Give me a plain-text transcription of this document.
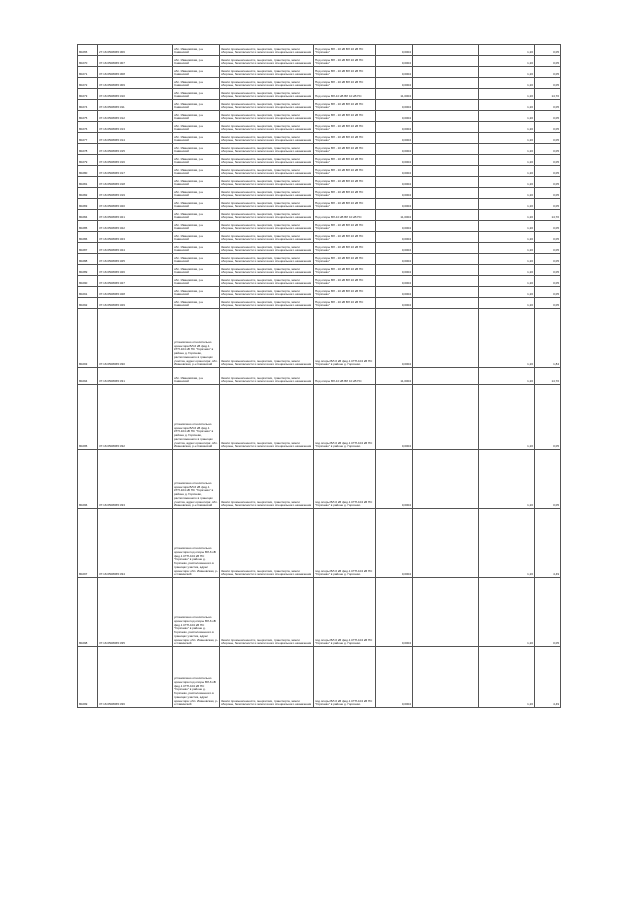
80265	27:16:0508065:306	обл. Ивановская, р-н Савинский	Земли промышленности, энергетики, транспорта, земли обороны, безопасности и земли иного специального назначения	Под опоры ВЛ - 10 кВ ВЛ 10 кВ ПС "Горячево"	0,0004		1,20	0,05
80270	37:16:0508065:307	обл. Ивановская, р-н Савинский	Земли промышленности, энергетики, транспорта, земли обороны, безопасности и земли иного специального назначения	Под опоры ВЛ - 10 кВ ВЛ 10 кВ ПС "Горячево"	0,0004		1,20	0,05
80271	37:16:0508065:308	обл. Ивановская, р-н Савинский	Земли промышленности, энергетики, транспорта, земли обороны, безопасности и земли иного специального назначения	Под опоры ВЛ - 10 кВ ВЛ 10 кВ ПС "Горячево"	0,0004		1,20	0,05
80272	37:16:0508065:309	обл. Ивановская, р-н Савинский	Земли промышленности, энергетики, транспорта, земли обороны, безопасности и земли иного специального назначения	Под опоры ВЛ - 10 кВ ВЛ 10 кВ ПС "Горячево"	0,0004		1,20	0,05
80273	37:16:0508065:310	обл. Ивановская, р-н Савинский	Земли промышленности, энергетики, транспорта, земли обороны, безопасности и земли иного специального назначения	Под опоры ВЛ-10 кВ ВЛ 10 кВ ПС	11,0004		1,20	14,70
80274	37:16:0508065:311	обл. Ивановская, р-н Савинский	Земли промышленности, энергетики, транспорта, земли обороны, безопасности и земли иного специального назначения	Под опоры ВЛ - 10 кВ ВЛ 10 кВ ПС "Горячево"	0,0004		1,20	0,05
80275	37:16:0508065:312	обл. Ивановская, р-н Савинский	Земли промышленности, энергетики, транспорта, земли обороны, безопасности и земли иного специального назначения	Под опоры ВЛ - 10 кВ ВЛ 10 кВ ПС "Горячево"	0,0004		1,20	0,05
80276	37:16:0508065:313	обл. Ивановская, р-н Савинский	Земли промышленности, энергетики, транспорта, земли обороны, безопасности и земли иного специального назначения	Под опоры ВЛ - 10 кВ ВЛ 10 кВ ПС "Горячево"	0,0004		1,20	0,05
80277	37:16:0508065:314	обл. Ивановская, р-н Савинский	Земли промышленности, энергетики, транспорта, земли обороны, безопасности и земли иного специального назначения	Под опоры ВЛ - 10 кВ ВЛ 10 кВ ПС "Горячево"	0,0004		1,20	0,05
80278	37:16:0508065:315	обл. Ивановская, р-н Савинский	Земли промышленности, энергетики, транспорта, земли обороны, безопасности и земли иного специального назначения	Под опоры ВЛ - 10 кВ ВЛ 10 кВ ПС "Горячево"	0,0004		1,20	0,05
80279	37:16:0508065:316	обл. Ивановская, р-н Савинский	Земли промышленности, энергетики, транспорта, земли обороны, безопасности и земли иного специального назначения	Под опоры ВЛ - 10 кВ ВЛ 10 кВ ПС "Горячево"	0,0004		1,20	0,05
80280	37:16:0508065:317	обл. Ивановская, р-н Савинский	Земли промышленности, энергетики, транспорта, земли обороны, безопасности и земли иного специального назначения	Под опоры ВЛ - 10 кВ ВЛ 10 кВ ПС "Горячево"	0,0004		1,20	0,05
80281	37:16:0508065:318	обл. Ивановская, р-н Савинский	Земли промышленности, энергетики, транспорта, земли обороны, безопасности и земли иного специального назначения	Под опоры ВЛ - 10 кВ ВЛ 10 кВ ПС "Горячево"	0,0004		1,20	0,05
80282	37:16:0508065:319	обл. Ивановская, р-н Савинский	Земли промышленности, энергетики, транспорта, земли обороны, безопасности и земли иного специального назначения	Под опоры ВЛ - 10 кВ ВЛ 10 кВ ПС "Горячево"	0,0004		1,20	0,05
80283	37:16:0508065:320	обл. Ивановская, р-н Савинский	Земли промышленности, энергетики, транспорта, земли обороны, безопасности и земли иного специального назначения	Под опоры ВЛ - 10 кВ ВЛ 10 кВ ПС "Горячево"	0,0004		1,20	0,05
80284	37:16:0508065:321	обл. Ивановская, р-н Савинский	Земли промышленности, энергетики, транспорта, земли обороны, безопасности и земли иного специального назначения	Под опоры ВЛ-10 кВ ВЛ 10 кВ ПС	11,0004		1,20	14,70
80285	37:16:0508065:322	обл. Ивановская, р-н Савинский	Земли промышленности, энергетики, транспорта, земли обороны, безопасности и земли иного специального назначения	Под опоры ВЛ - 10 кВ ВЛ 10 кВ ПС "Горячево"	0,0004		1,20	0,05
80286	37:16:0508065:323	обл. Ивановская, р-н Савинский	Земли промышленности, энергетики, транспорта, земли обороны, безопасности и земли иного специального назначения	Под опоры ВЛ - 10 кВ ВЛ 10 кВ ПС "Горячево"	0,0004		1,20	0,05
80287	37:16:0508065:324	обл. Ивановская, р-н Савинский	Земли промышленности, энергетики, транспорта, земли обороны, безопасности и земли иного специального назначения	Под опоры ВЛ - 10 кВ ВЛ 10 кВ ПС "Горячево"	0,0004		1,20	0,05
80288	37:16:0508065:325	обл. Ивановская, р-н Савинский	Земли промышленности, энергетики, транспорта, земли обороны, безопасности и земли иного специального назначения	Под опоры ВЛ - 10 кВ ВЛ 10 кВ ПС "Горячево"	0,0004		1,20	0,05
80289	37:16:0508065:326	обл. Ивановская, р-н Савинский	Земли промышленности, энергетики, транспорта, земли обороны, безопасности и земли иного специального назначения	Под опоры ВЛ - 10 кВ ВЛ 10 кВ ПС "Горячево"	0,0004		1,20	0,05
80290	37:16:0508065:327	обл. Ивановская, р-н Савинский	Земли промышленности, энергетики, транспорта, земли обороны, безопасности и земли иного специального назначения	Под опоры ВЛ - 10 кВ ВЛ 10 кВ ПС "Горячево"	0,0004		1,20	0,05
80291	37:16:0508065:328	обл. Ивановская, р-н Савинский	Земли промышленности, энергетики, транспорта, земли обороны, безопасности и земли иного специального назначения	Под опоры ВЛ - 10 кВ ВЛ 10 кВ ПС "Горячево"	0,0004		1,20	0,05
80292	37:16:0508065:329	обл. Ивановская, р-н Савинский	Земли промышленности, энергетики, транспорта, земли обороны, безопасности и земли иного специального назначения	Под опоры ВЛ - 10 кВ ВЛ 10 кВ ПС "Горячево"	0,0004		1,20	0,05
80293	37:16:0508065:330	установлено относительно ориентира ВЛ-6 кВ фид.1 КТП-104 кВ ПС "Горячево" в районе д. Горячево, расположенного в границах участка, адрес ориентира: обл. Ивановская, р-н Савинский	Земли промышленности, энергетики, транспорта, земли обороны, безопасности и земли иного специального назначения	под опоры ВЛ-6 кВ фид.1 КТП-104 кВ ПС "Горячево" в районе д. Горячево	0,0004		1,20	1,84
80294	37:16:0508065:331	обл. Ивановская, р-н Савинский	Земли промышленности, энергетики, транспорта, земли обороны, безопасности и земли иного специального назначения	Под опоры ВЛ-10 кВ ВЛ 10 кВ ПС	11,0004		1,20	14,70
80295	37:16:0508065:332	установлено относительно ориентира ВЛ-6 кВ фид.1 КТП-104 кВ ПС "Горячево" в районе д. Горячево, расположенного в границах участка, адрес ориентира: обл. Ивановская, р-н Савинский	Земли промышленности, энергетики, транспорта, земли обороны, безопасности и земли иного специального назначения	под опоры ВЛ-6 кВ фид.1 КТП-104 кВ ПС "Горячево" в районе д. Горячево	0,0004		1,20	0,05
80296	37:16:0508065:333	установлено относительно ориентира ВЛ-6 кВ фид.1 КТП-104 кВ ПС "Горячево" в районе д. Горячево, расположенного в границах участка, адрес ориентира: обл. Ивановская, р-н Савинский	Земли промышленности, энергетики, транспорта, земли обороны, безопасности и земли иного специального назначения	под опоры ВЛ-6 кВ фид.1 КТП-104 кВ ПС "Горячево" в районе д. Горячево	0,0004		1,20	0,05
80297	37:16:0508065:334	установлено относительно ориентира под опоры ВЛ-6 кВ фид.1 КТП-104 кВ ПС "Горячево" в районе д. Горячево, расположенного в границах участка, адрес ориентира: обл. Ивановская, р-н Савинский	Земли промышленности, энергетики, транспорта, земли обороны, безопасности и земли иного специального назначения	под опоры ВЛ-6 кВ фид.1 КТП-104 кВ ПС "Горячево" в районе д. Горячево	0,0004		1,20	4,49
80298	37:16:0508065:335	установлено относительно ориентира под опоры ВЛ-6 кВ фид.1 КТП-104 кВ ПС "Горячево" в районе д. Горячево, расположенного в границах участка, адрес ориентира: обл. Ивановская, р-н Савинский	Земли промышленности, энергетики, транспорта, земли обороны, безопасности и земли иного специального назначения	под опоры ВЛ-6 кВ фид.1 КТП-104 кВ ПС "Горячево" в районе д. Горячево	0,0004		1,20	0,05
80299	37:16:0508065:336	установлено относительно ориентира под опоры ВЛ-6 кВ фид.1 КТП-104 кВ ПС "Горячево" в районе д. Горячево, расположенного в границах участка, адрес ориентира: обл. Ивановская, р-н Савинский	Земли промышленности, энергетики, транспорта, земли обороны, безопасности и земли иного специального назначения	под опоры ВЛ-6 кВ фид.1 КТП-104 кВ ПС "Горячево" в районе д. Горячево	0,0004		1,20	4,49
